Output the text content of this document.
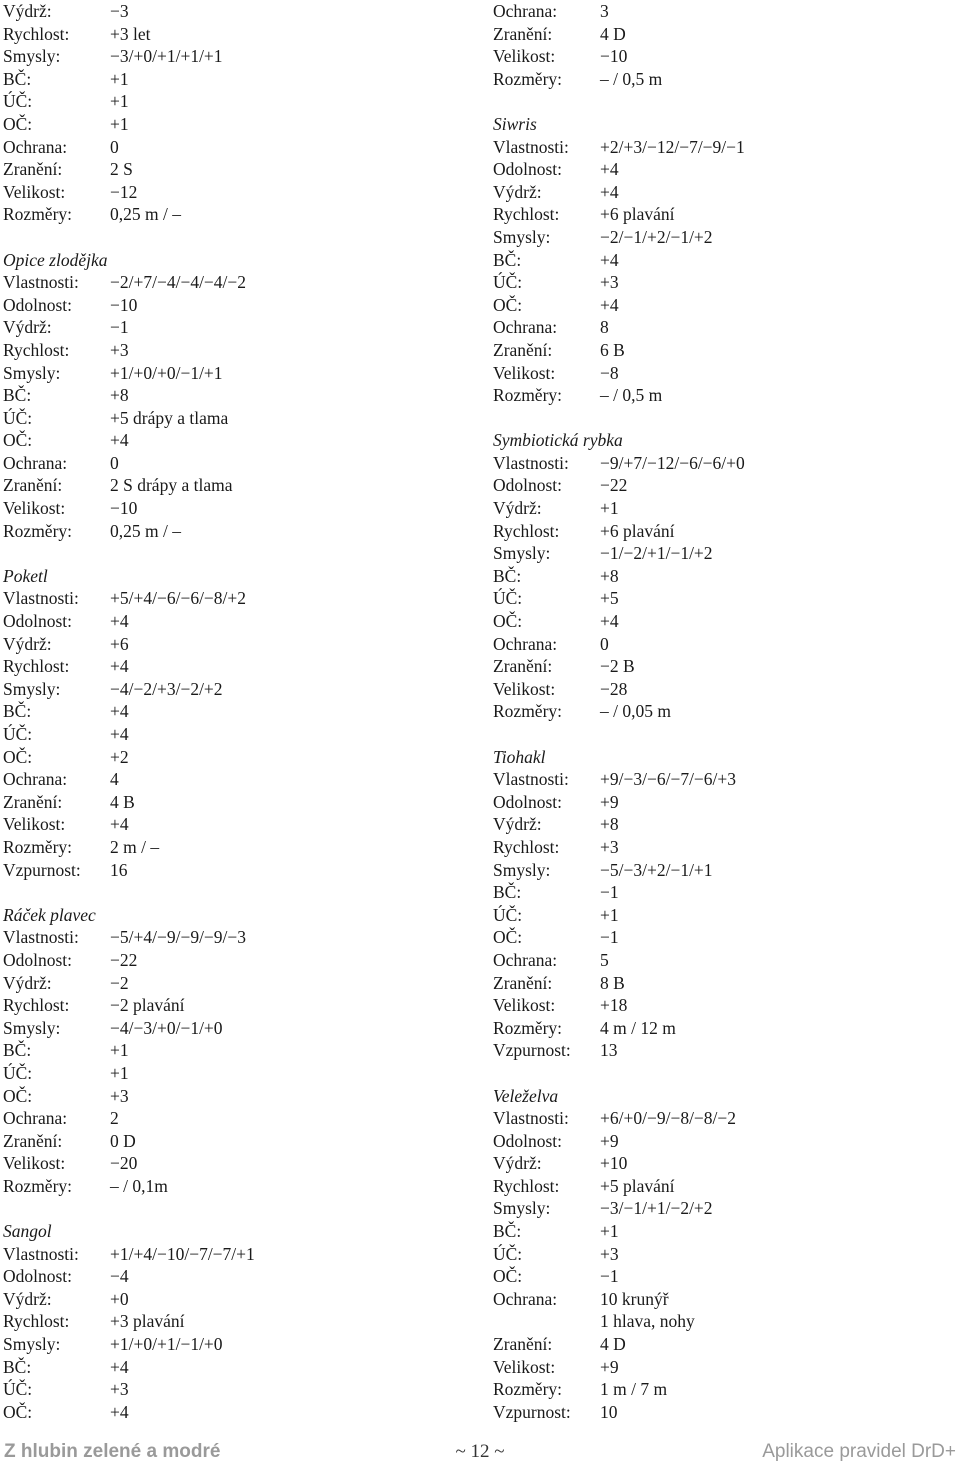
Výdrž:	−3
Rychlost: +3 let
Smysly:	−3/+0/+1/+1/+1
BČ:	+1
ÚČ:	+1
OČ:	+1
Ochrana: 0
Zranění:	2 S
Velikost:	−12
Rozměry: 0,25 m / –
Opice zlodějka
Vlastnosti: −2/+7/−4/−4/−4/−2
Odolnost: −10
Výdrž:	−1
Rychlost: +3
Smysly:	+1/+0/+0/−1/+1
BČ:	+8
ÚČ:	+5 drápy a tlama
OČ:	+4
Ochrana: 0
Zranění:	2 S drápy a tlama
Velikost:	−10
Rozměry: 0,25 m / –
Poketl
Vlastnosti: +5/+4/−6/−6/−8/+2
Odolnost: +4
Výdrž:	+6
Rychlost: +4
Smysly:	−4/−2/+3/−2/+2
BČ:	+4
ÚČ:	+4
OČ:	+2
Ochrana: 4
Zranění:	4 B
Velikost:	+4
Rozměry: 2 m / –
Vzpurnost: 16
Ráček plavec
Vlastnosti: −5/+4/−9/−9/−9/−3
Odolnost: −22
Výdrž:	−2
Rychlost: −2 plavání
Smysly:	−4/−3/+0/−1/+0
BČ:	+1
ÚČ:	+1
OČ:	+3
Ochrana: 2
Zranění:	0 D
Velikost:	−20
Rozměry: – / 0,1m
Sangol
Vlastnosti: +1/+4/−10/−7/−7/+1
Odolnost: −4
Výdrž:	+0
Rychlost: +3 plavání
Smysly:	+1/+0/+1/−1/+0
BČ:	+4
ÚČ:	+3
OČ:	+4
Ochrana: 3
Zranění:	4 D
Velikost:	−10
Rozměry: – / 0,5 m
Siwris
Vlastnosti: +2/+3/−12/−7/−9/−1
Odolnost: +4
Výdrž:	+4
Rychlost: +6 plavání
Smysly:	−2/−1/+2/−1/+2
BČ:	+4
ÚČ:	+3
OČ:	+4
Ochrana: 8
Zranění:	6 B
Velikost:	−8
Rozměry: – / 0,5 m
Symbiotická rybka
Vlastnosti: −9/+7/−12/−6/−6/+0
Odolnost: −22
Výdrž:	+1
Rychlost: +6 plavání
Smysly:	−1/−2/+1/−1/+2
BČ:	+8
ÚČ:	+5
OČ:	+4
Ochrana: 0
Zranění:	−2 B
Velikost:	−28
Rozměry: – / 0,05 m
Tiohakl
Vlastnosti: +9/−3/−6/−7/−6/+3
Odolnost: +9
Výdrž:	+8
Rychlost: +3
Smysly:	−5/−3/+2/−1/+1
BČ:	−1
ÚČ:	+1
OČ:	−1
Ochrana: 5
Zranění:	8 B
Velikost:	+18
Rozměry: 4 m / 12 m
Vzpurnost: 13
Veleželva
Vlastnosti: +6/+0/−9/−8/−8/−2
Odolnost: +9
Výdrž:	+10
Rychlost: +5 plavání
Smysly:	−3/−1/+1/−2/+2
BČ:	+1
ÚČ:	+3
OČ:	−1
Ochrana: 10 krunýř
1 hlava, nohy
Zranění:	4 D
Velikost:	+9
Rozměry: 1 m / 7 m
Vzpurnost: 10
Z hlubin zelené a modré	~ 12 ~	Aplikace pravidel DrD+
